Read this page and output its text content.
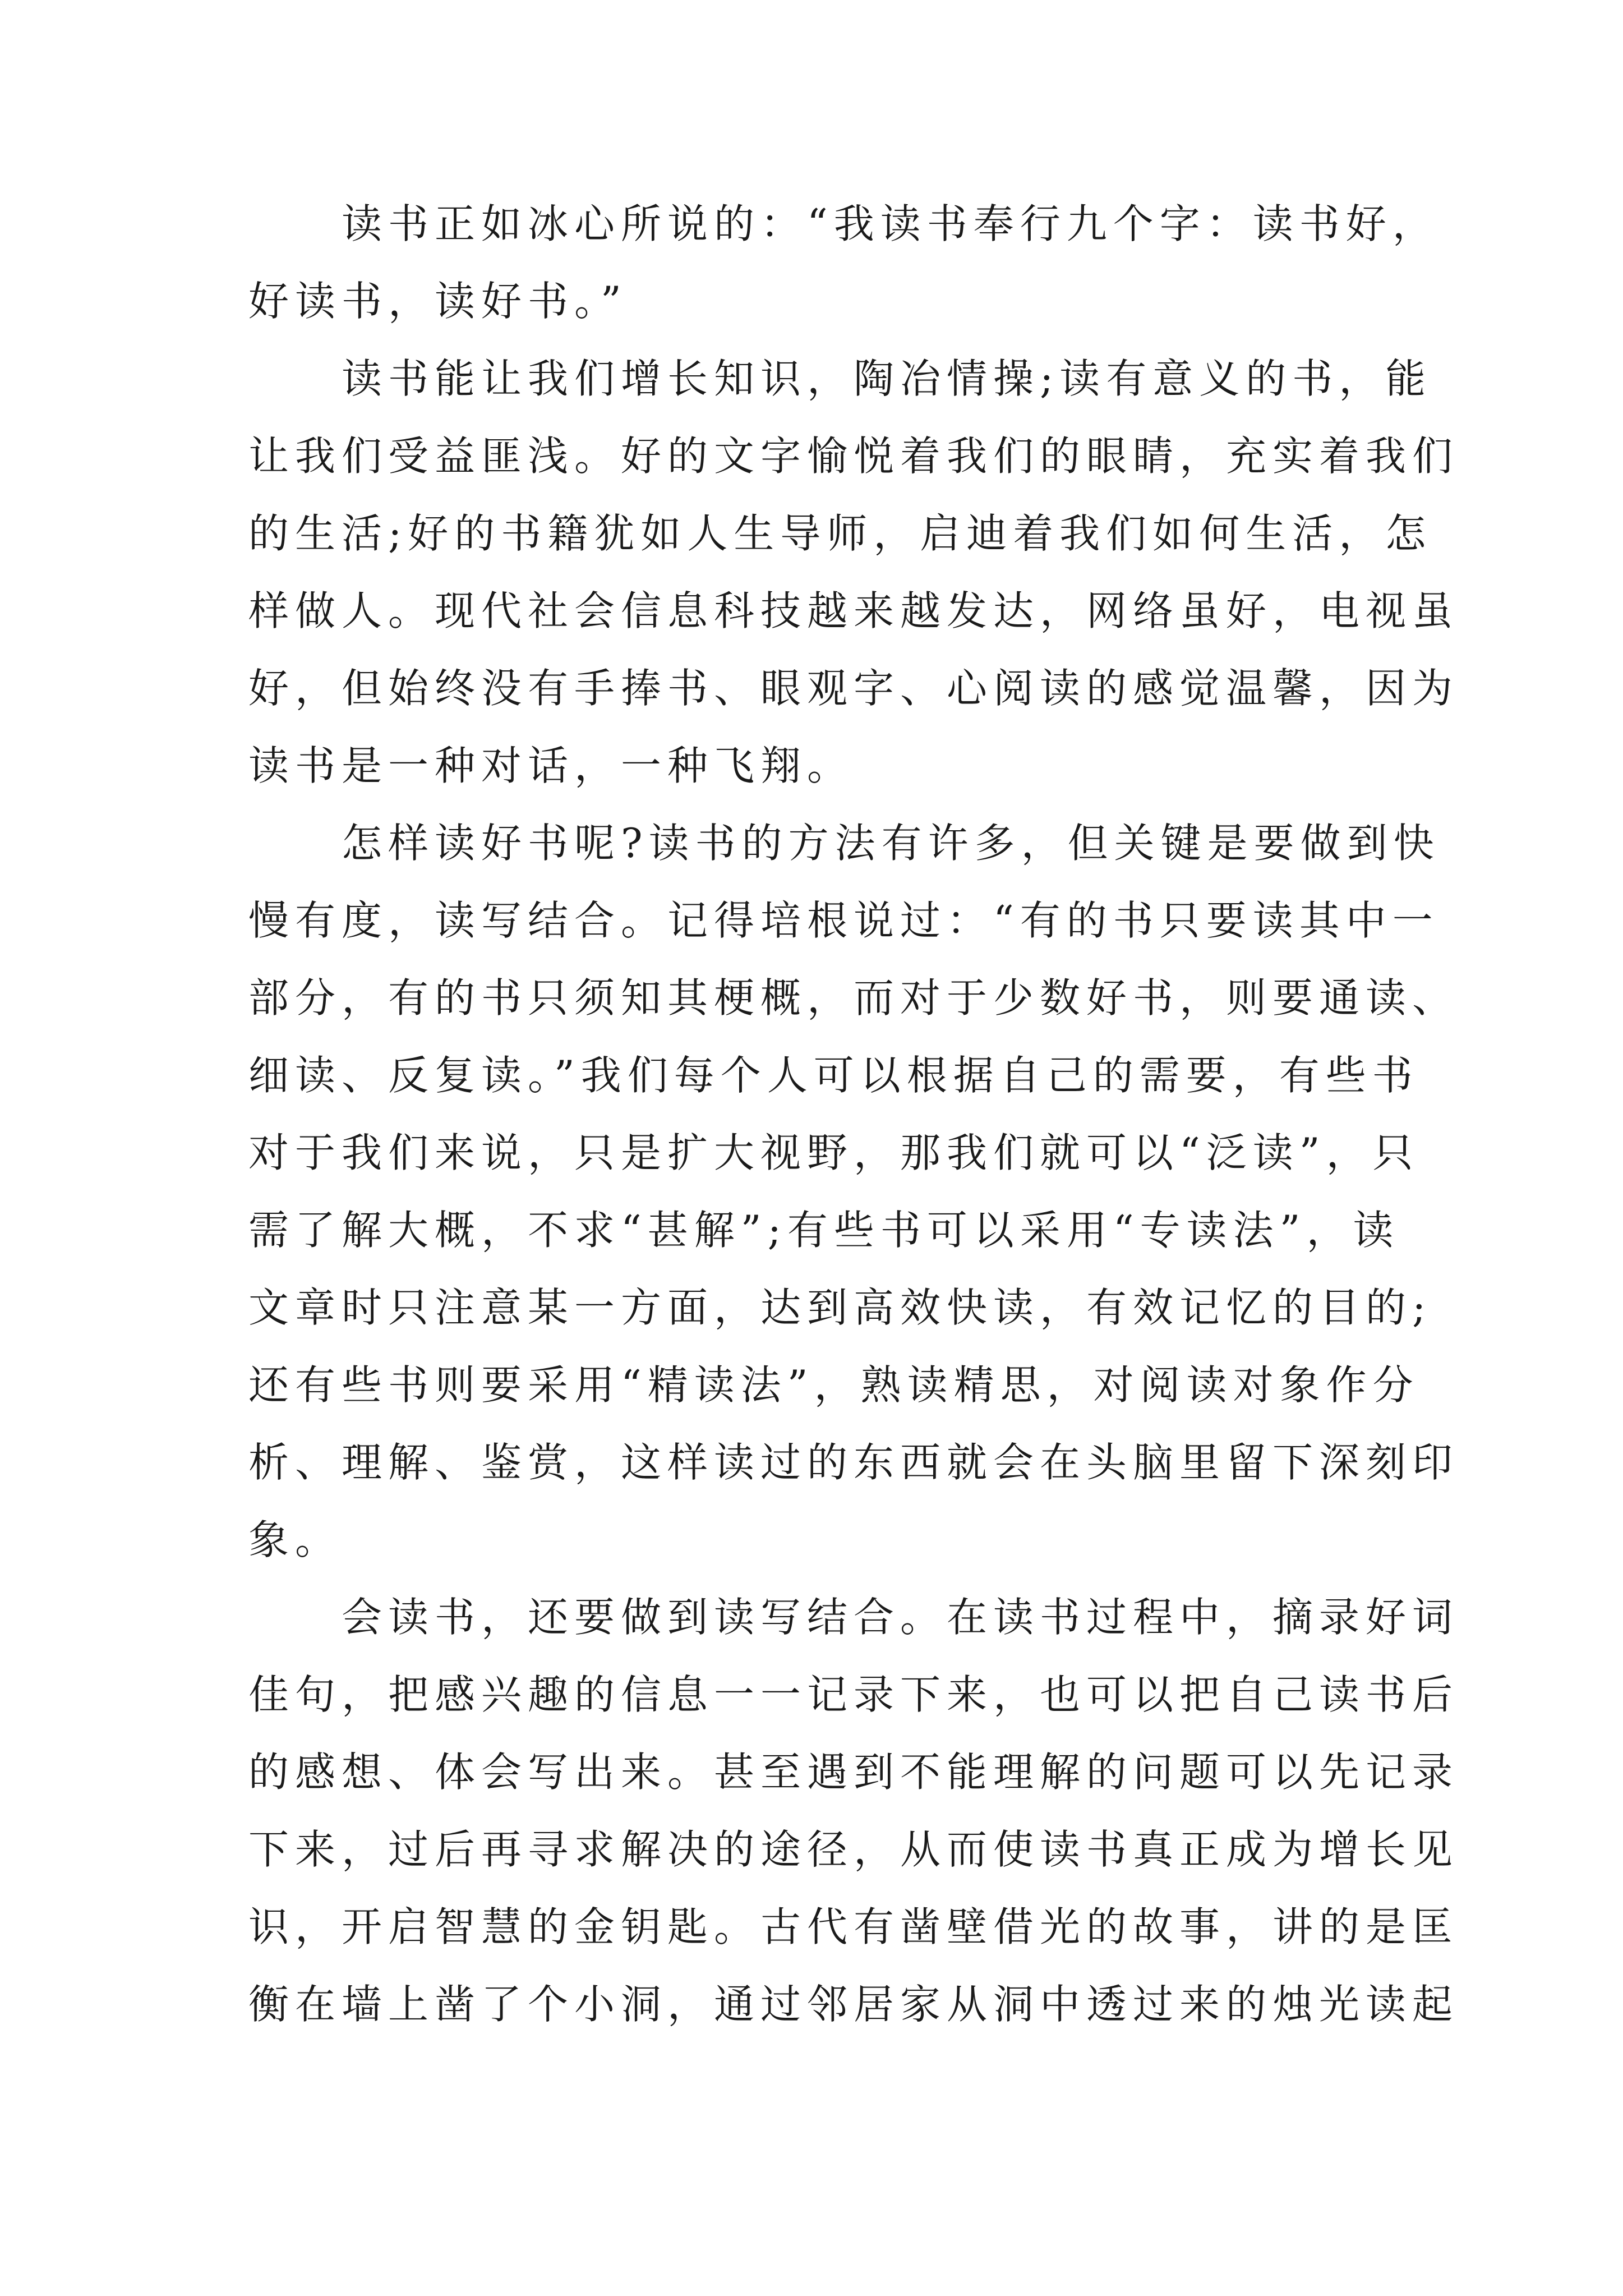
读书正如冰心所说的：“我读书奉行九个字：读书好，
好读书，读好书。”
读书能让我们增长知识，陶冶情操;读有意义的书，能
让我们受益匪浅。好的文字愉悦着我们的眼睛，充实着我们
的生活;好的书籍犹如人生导师，启迪着我们如何生活，怎
样做人。现代社会信息科技越来越发达，网络虽好，电视虽
好，但始终没有手捧书、眼观字、心阅读的感觉温馨，因为
读书是一种对话，一种飞翔。
怎样读好书呢?读书的方法有许多，但关键是要做到快
慢有度，读写结合。记得培根说过：“有的书只要读其中一
部分，有的书只须知其梗概，而对于少数好书，则要通读、
细读、反复读。”我们每个人可以根据自己的需要，有些书
对于我们来说，只是扩大视野，那我们就可以“泛读”，只
需了解大概，不求“甚解”;有些书可以采用“专读法”，读
文章时只注意某一方面，达到高效快读，有效记忆的目的;
还有些书则要采用“精读法”，熟读精思，对阅读对象作分
析、理解、鉴赏，这样读过的东西就会在头脑里留下深刻印
象。
会读书，还要做到读写结合。在读书过程中，摘录好词
佳句，把感兴趣的信息一一记录下来，也可以把自己读书后
的感想、体会写出来。甚至遇到不能理解的问题可以先记录
下来，过后再寻求解决的途径，从而使读书真正成为增长见
识，开启智慧的金钥匙。古代有凿壁借光的故事，讲的是匡
衡在墙上凿了个小洞，通过邻居家从洞中透过来的烛光读起
